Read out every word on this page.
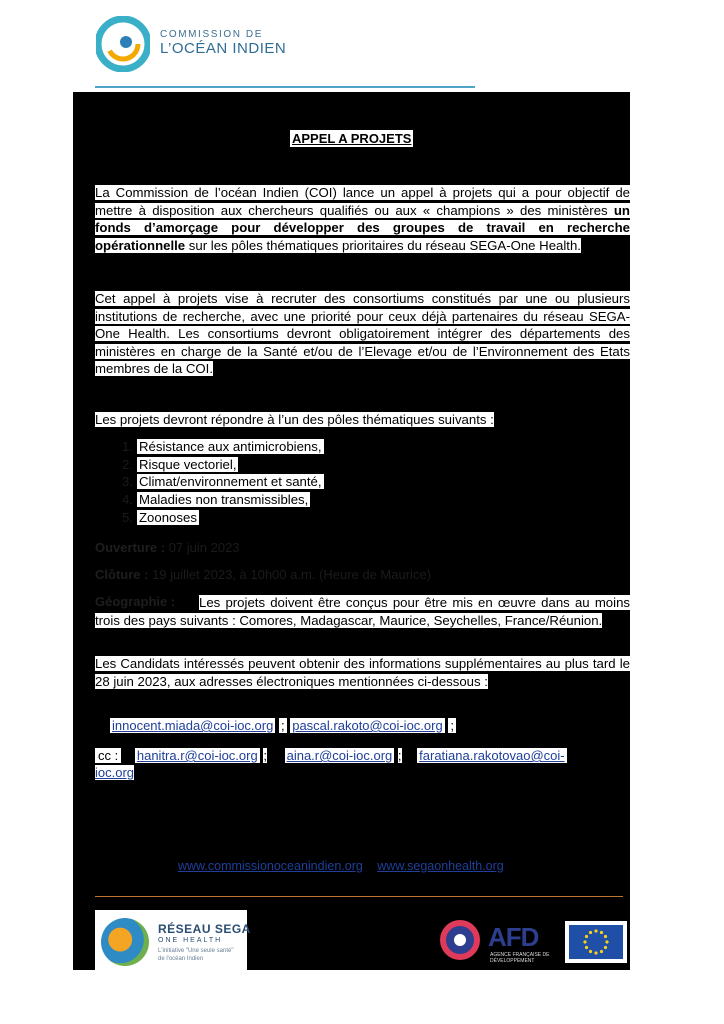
COMMISSION DE
L’OCÉAN INDIEN
APPEL A PROJETS
La Commission de l’océan Indien (COI) lance un appel à projets qui a pour objectif de mettre à disposition aux chercheurs qualifiés ou aux « champions » des ministères un fonds d’amorçage pour développer des groupes de travail en recherche opérationnelle sur les pôles thématiques prioritaires du réseau SEGA-One Health.
Cet appel à projets vise à recruter des consortiums constitués par une ou plusieurs institutions de recherche, avec une priorité pour ceux déjà partenaires du réseau SEGA-One Health. Les consortiums devront obligatoirement intégrer des départements des ministères en charge de la Santé et/ou de l’Elevage et/ou de l’Environnement des Etats membres de la COI.
Les projets devront répondre à l’un des pôles thématiques suivants :
1. Résistance aux antimicrobiens,
2. Risque vectoriel,
3. Climat/environnement et santé,
4. Maladies non transmissibles,
5. Zoonoses
Ouverture : 07 juin 2023
Clôture : 19 juillet 2023, à 10h00 a.m. (Heure de Maurice)
Géographie :	Les projets doivent être conçus pour être mis en œuvre dans au moins trois des pays suivants : Comores, Madagascar, Maurice, Seychelles, France/Réunion.
Les Candidats intéressés peuvent obtenir des informations supplémentaires au plus tard le 28 juin 2023, aux adresses électroniques mentionnées ci-dessous :
innocent.miada@coi-ioc.org ; pascal.rakoto@coi-ioc.org ;
cc : hanitra.r@coi-ioc.org ; aina.r@coi-ioc.org ; faratiana.rakotovao@coi-
ioc.org
www.commissionoceanindien.org www.segaonhealth.org
RÉSEAU SEGA
ONE HEALTH
L'initiative "Une seule santé" de l'océan Indien
AFD
AGENCE FRANÇAISE DE DÉVELOPPEMENT
